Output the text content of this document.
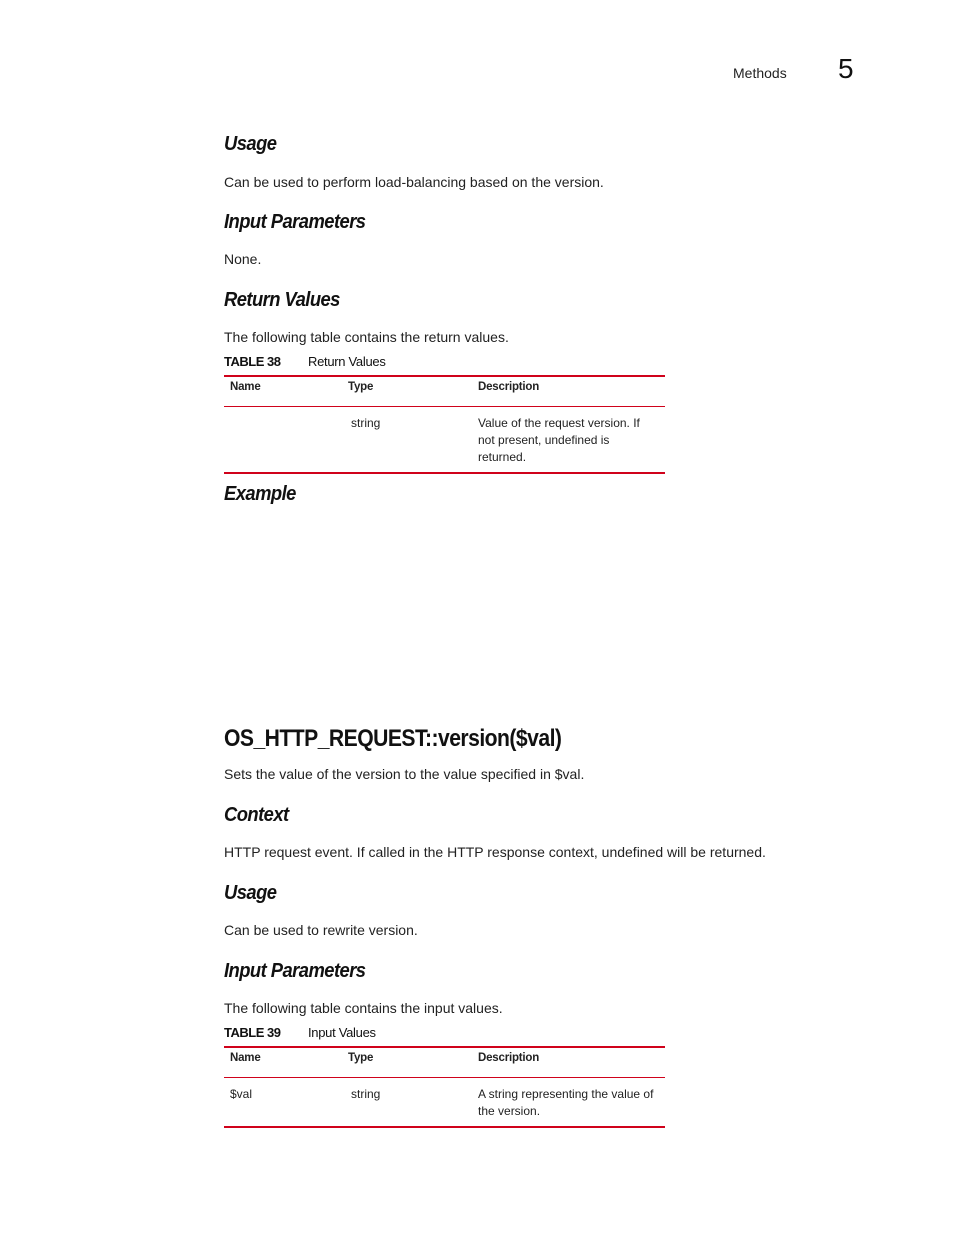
Methods 5
Usage
Can be used to perform load-balancing based on the version.
Input Parameters
None.
Return Values
The following table contains the return values.
TABLE 38 Return Values
Name	Type	Description
	string	Value of the request version. If not present, undefined is returned.
Example
OS_HTTP_REQUEST::version($val)
Sets the value of the version to the value specified in $val.
Context
HTTP request event. If called in the HTTP response context, undefined will be returned.
Usage
Can be used to rewrite version.
Input Parameters
The following table contains the input values.
TABLE 39 Input Values
Name	Type	Description
$val	string	A string representing the value of the version.
